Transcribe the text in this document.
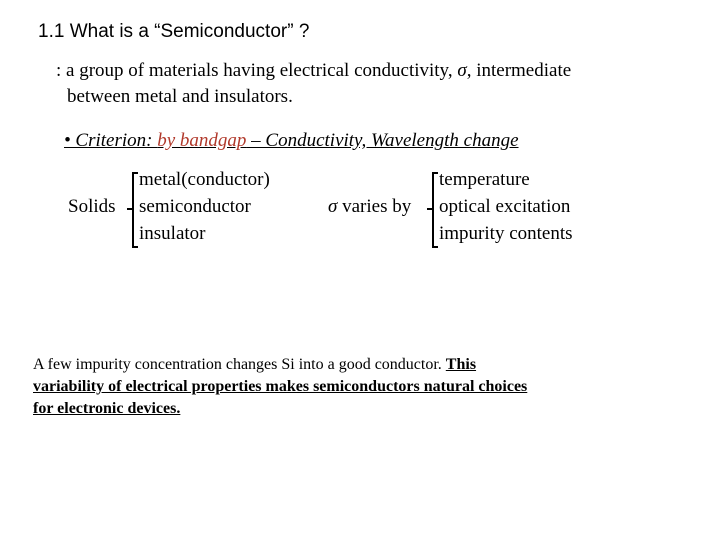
1.1 What is a “Semiconductor” ?
: a group of materials having electrical conductivity, σ, intermediate
between metal and insulators.
• Criterion: by bandgap – Conductivity, Wavelength change
Solids
metal(conductor)
semiconductor
insulator
σ varies by
temperature
optical excitation
impurity contents
A few impurity concentration changes Si into a good conductor. This
variability of electrical properties makes semiconductors natural choices
for electronic devices.
